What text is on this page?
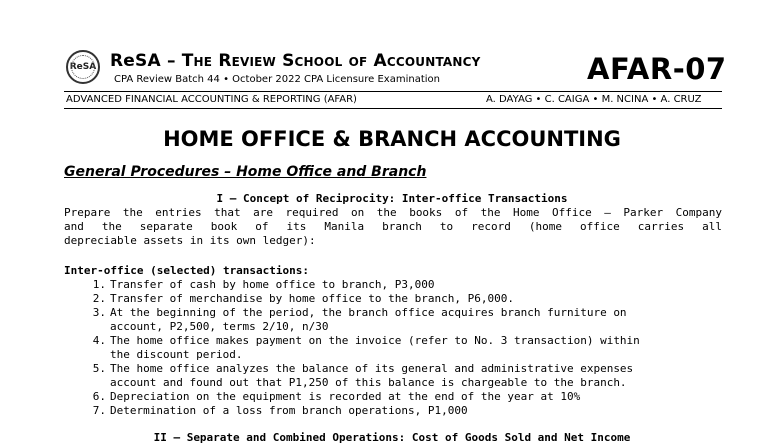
ReSA ReSA – The Review School of Accountancy
CPA Review Batch 44 • October 2022 CPA Licensure Examination	AFAR-07
ADVANCED FINANCIAL ACCOUNTING & REPORTING (AFAR)	A. DAYAG • C. CAIGA • M. NCINA • A. CRUZ
HOME OFFICE & BRANCH ACCOUNTING
General Procedures – Home Office and Branch
I – Concept of Reciprocity: Inter-office Transactions
Prepare the entries that are required on the books of the Home Office – Parker Company
and the separate book of its Manila branch to record (home office carries all
depreciable assets in its own ledger):
Inter-office (selected) transactions:
1. Transfer of cash by home office to branch, P3,000
2. Transfer of merchandise by home office to the branch, P6,000.
3. At the beginning of the period, the branch office acquires branch furniture on
account, P2,500, terms 2/10, n/30
4. The home office makes payment on the invoice (refer to No. 3 transaction) within
the discount period.
5. The home office analyzes the balance of its general and administrative expenses
account and found out that P1,250 of this balance is chargeable to the branch.
6. Depreciation on the equipment is recorded at the end of the year at 10%
7. Determination of a loss from branch operations, P1,000
II – Separate and Combined Operations: Cost of Goods Sold and Net Income
